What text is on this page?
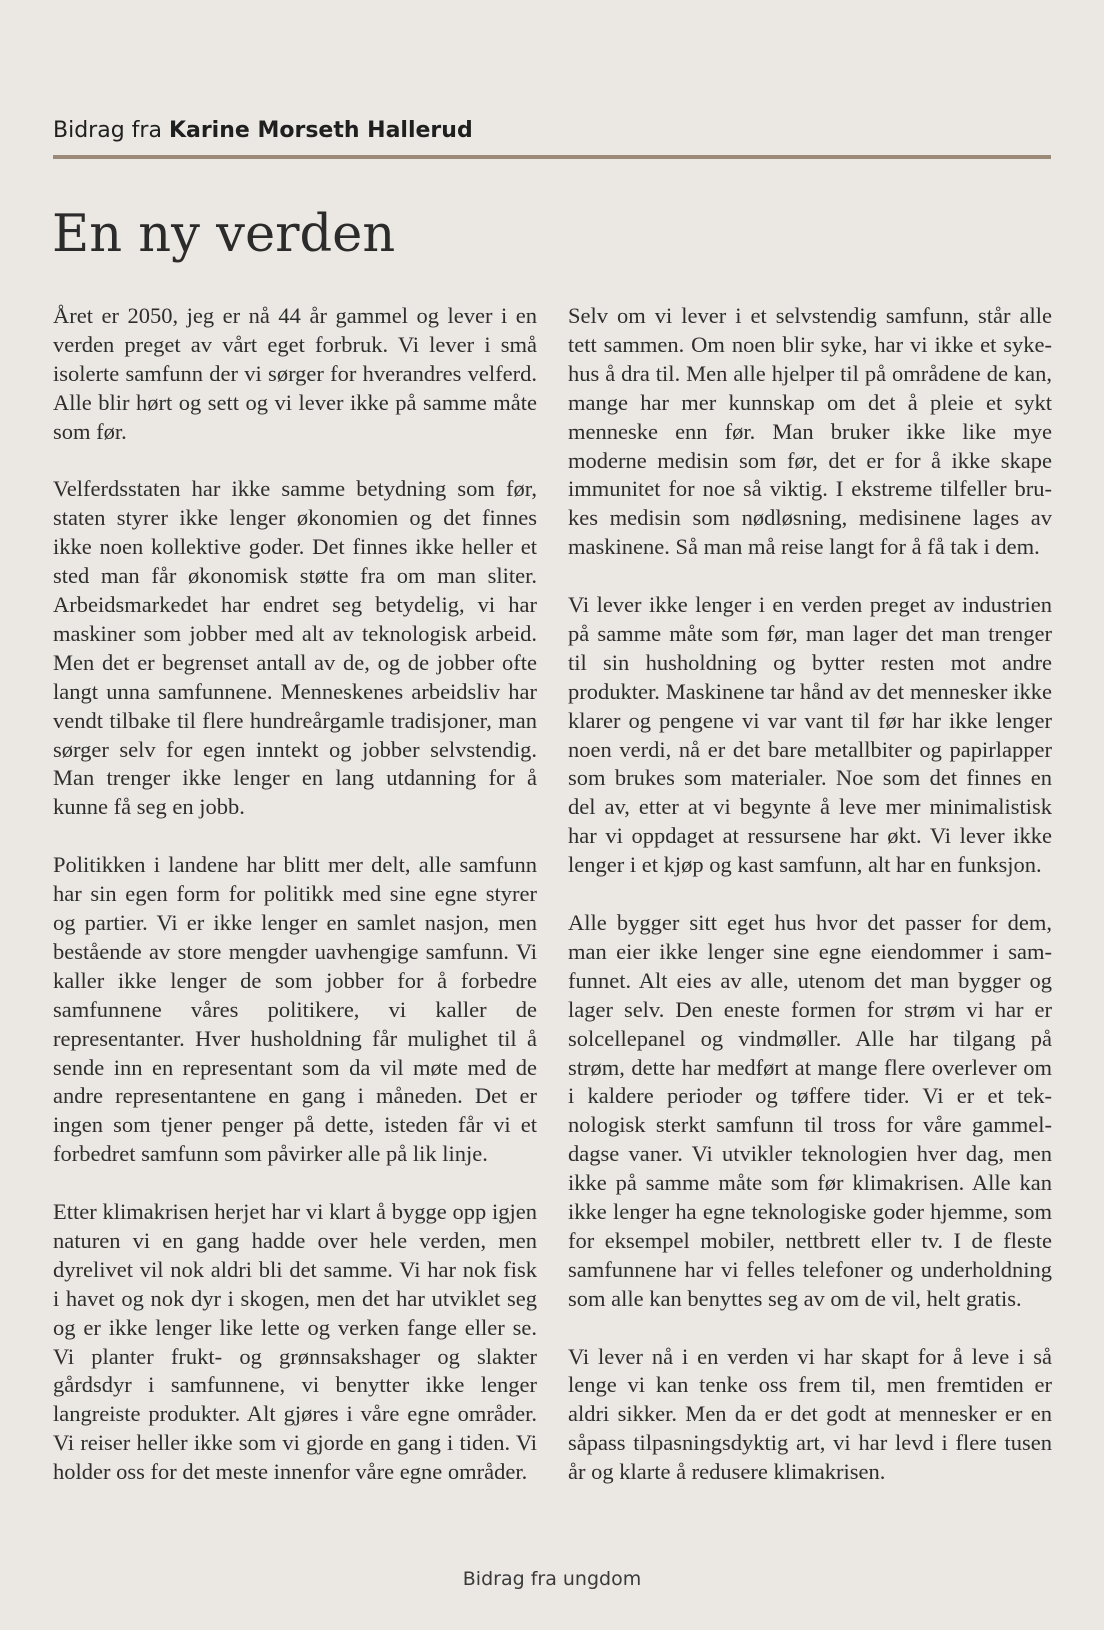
Bidrag fra Karine Morseth Hallerud
En ny verden

Året er 2050, jeg er nå 44 år gammel og lever i en verden preget av vårt eget forbruk. Vi lever i små isolerte samfunn der vi sørger for hverandres velferd. Alle blir hørt og sett og vi lever ikke på samme måte som før.

Velferdsstaten har ikke samme betydning som før, staten styrer ikke lenger økonomien og det finnes ikke noen kollektive goder. Det finnes ikke heller et sted man får økonomisk støtte fra om man sliter. Arbeidsmarkedet har endret seg betydelig, vi har maskiner som jobber med alt av teknologisk arbeid. Men det er begrenset antall av de, og de jobber ofte langt unna samfunnene. Menneskenes arbeidsliv har vendt tilbake til flere hundreårgamle tradisjoner, man sørger selv for egen inntekt og jobber selvstendig. Man trenger ikke lenger en lang utdanning for å kunne få seg en jobb.

Politikken i landene har blitt mer delt, alle samfunn har sin egen form for politikk med sine egne styrer og partier. Vi er ikke lenger en samlet nasjon, men bestående av store mengder uavhengige samfunn. Vi kaller ikke lenger de som jobber for å forbedre samfunnene våres politikere, vi kaller de representanter. Hver husholdning får mulighet til å sende inn en representant som da vil møte med de andre representantene en gang i måneden. Det er ingen som tjener penger på dette, isteden får vi et forbedret samfunn som påvirker alle på lik linje.

Etter klimakrisen herjet har vi klart å bygge opp igjen naturen vi en gang hadde over hele verden, men dyrelivet vil nok aldri bli det samme. Vi har nok fisk i havet og nok dyr i skogen, men det har utviklet seg og er ikke lenger like lette og verken fange eller se. Vi planter frukt- og grønnsakshager og slakter gårdsdyr i samfunnene, vi benytter ikke lenger langreiste produkter. Alt gjøres i våre egne områder. Vi reiser heller ikke som vi gjorde en gang i tiden. Vi holder oss for det meste innenfor våre egne områder.

Selv om vi lever i et selvstendig samfunn, står alle tett sammen. Om noen blir syke, har vi ikke et sykehus å dra til. Men alle hjelper til på områdene de kan, mange har mer kunnskap om det å pleie et sykt menneske enn før. Man bruker ikke like mye moderne medisin som før, det er for å ikke skape immunitet for noe så viktig. I ekstreme tilfeller brukes medisin som nødløsning, medisinene lages av maskinene. Så man må reise langt for å få tak i dem.

Vi lever ikke lenger i en verden preget av industrien på samme måte som før, man lager det man trenger til sin husholdning og bytter resten mot andre produkter. Maskinene tar hånd av det mennesker ikke klarer og pengene vi var vant til før har ikke lenger noen verdi, nå er det bare metallbiter og papirlapper som brukes som materialer. Noe som det finnes en del av, etter at vi begynte å leve mer minimalistisk har vi oppdaget at ressursene har økt. Vi lever ikke lenger i et kjøp og kast samfunn, alt har en funksjon.

Alle bygger sitt eget hus hvor det passer for dem, man eier ikke lenger sine egne eiendommer i samfunnet. Alt eies av alle, utenom det man bygger og lager selv. Den eneste formen for strøm vi har er solcellepanel og vindmøller. Alle har tilgang på strøm, dette har medført at mange flere overlever om i kaldere perioder og tøffere tider. Vi er et teknologisk sterkt samfunn til tross for våre gammeldagse vaner. Vi utvikler teknologien hver dag, men ikke på samme måte som før klimakrisen. Alle kan ikke lenger ha egne teknologiske goder hjemme, som for eksempel mobiler, nettbrett eller tv. I de fleste samfunnene har vi felles telefoner og underholdning som alle kan benyttes seg av om de vil, helt gratis.

Vi lever nå i en verden vi har skapt for å leve i så lenge vi kan tenke oss frem til, men fremtiden er aldri sikker. Men da er det godt at mennesker er en såpass tilpasningsdyktig art, vi har levd i flere tusen år og klarte å redusere klimakrisen.

Bidrag fra ungdom
